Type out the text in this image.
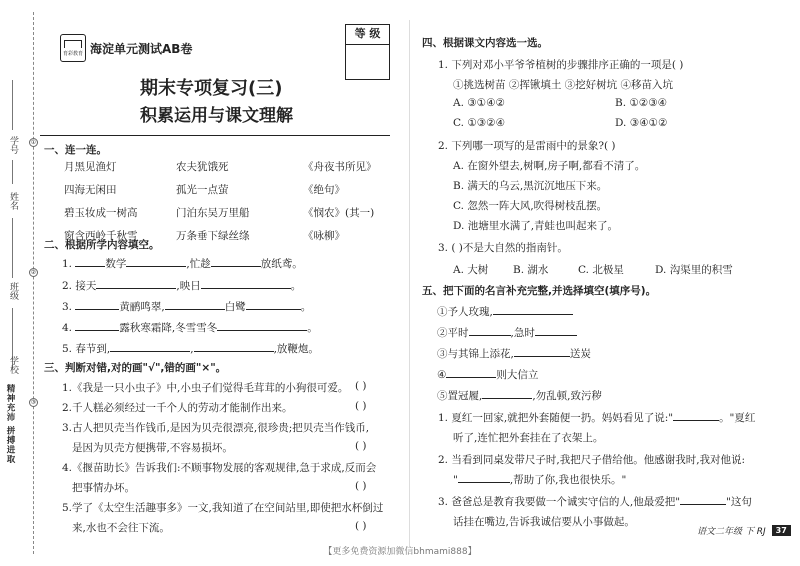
学号
姓名
班级
学校
①
②
③
精神充沛 拼搏进取
育彩教育 海淀单元测试AB卷
等 级
期末专项复习(三)
积累运用与课文理解
一、连一连。
月黑见渔灯	农夫犹饿死	《舟夜书所见》
四海无闲田	孤光一点萤	《绝句》
碧玉妆成一树高	门泊东吴万里船	《悯农》(其一)
窗含西岭千秋雪	万条垂下绿丝绦	《咏柳》
二、根据所学内容填空。
1.	数学	,忙趁	放纸鸢。
2. 接天	,映日	。
3.	黄鹂鸣翠,	白鹭	。
4.	露秋寒霜降,冬雪雪冬	。
5. 春节到,	,	,放鞭炮。
三、判断对错,对的画"√",错的画"×"。
1.《我是一只小虫子》中,小虫子们觉得毛茸茸的小狗很可爱。 ( )
2.千人糕必须经过一千个人的劳动才能制作出来。	( )
3.古人把贝壳当作钱币,是因为贝壳很漂亮,很珍贵;把贝壳当作钱币,
是因为贝壳方便携带,不容易损坏。	( )
4.《揠苗助长》告诉我们:不顾事物发展的客观规律,急于求成,反而会
把事情办坏。	( )
5.学了《太空生活趣事多》一文,我知道了在空间站里,即使把水杯倒过
来,水也不会往下流。	( )
四、根据课文内容选一选。
1. 下列对邓小平爷爷植树的步骤排序正确的一项是( )
①挑选树苗 ②挥锹填土 ③挖好树坑 ④移苗入坑
A. ③①④②	B. ①②③④
C. ①③②④	D. ③④①②
2. 下列哪一项写的是雷雨中的景象?( )
A. 在窗外望去,树啊,房子啊,都看不清了。
B. 满天的乌云,黑沉沉地压下来。
C. 忽然一阵大风,吹得树枝乱摆。
D. 池塘里水满了,青蛙也叫起来了。
3. ( )不是大自然的指南针。
A. 大树 B. 湖水	C. 北极星	D. 沟渠里的积雪
五、把下面的名言补充完整,并选择填空(填序号)。
①予人玫瑰,
②平时	,急时
③与其锦上添花,	送炭
④	则大信立
⑤置冠履,	,勿乱顿,致污秽
1. 夏红一回家,就把外套随便一扔。妈妈看见了说:"	。"夏红
听了,连忙把外套挂在了衣架上。
2. 当看到同桌发带尺子时,我把尺子借给他。他感谢我时,我对他说:
"	,帮助了你,我也很快乐。"
3. 爸爸总是教育我要做一个诚实守信的人,他最爱把"	"这句
话挂在嘴边,告诉我诚信要从小事做起。
语文二年级 下 RJ	37
【更多免费资源加微信bhmami888】
